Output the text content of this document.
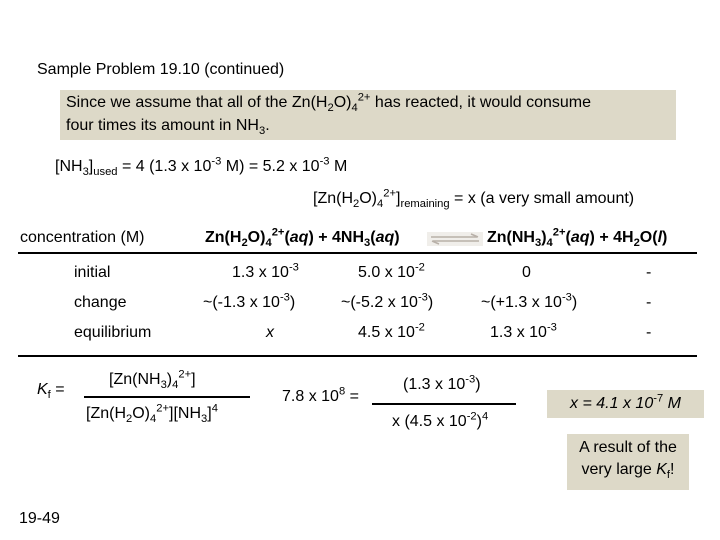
Sample Problem 19.10 (continued)
Since we assume that all of the $Zn(H_2O)_4^{2+}$ has reacted, it would consume
four times its amount in $NH_3$.
$[NH_3]_{used} = 4$ (1.3 x $10^{-3}$ M) = 5.2 x $10^{-3}$ M
$[Zn(H_2O)_4^{2+}]_{remaining} = x$ (a very small amount)
concentration (M)	$Zn(H_2O)_4^{2+}(aq) + 4NH_3(aq)$	$Zn(NH_3)_4^{2+}(aq) + 4H_2O(l)$
initial	1.3 x $10^{-3}$	5.0 x $10^{-2}$	0	-
change	~(-1.3 x $10^{-3}$)	~(-5.2 x $10^{-3}$)	~(+1.3 x $10^{-3}$)	-
equilibrium	x	4.5 x $10^{-2}$	1.3 x $10^{-3}$	-
$K_f$ =
$[Zn(NH_3)_4^{2+}]$
$[Zn(H_2O)_4^{2+}][NH_3]^4$
7.8 x $10^8$ =
(1.3 x $10^{-3}$)
x (4.5 x $10^{-2})^4$
x = 4.1 x $10^{-7}$ M
A result of the
very large $K_f$!
19-49
